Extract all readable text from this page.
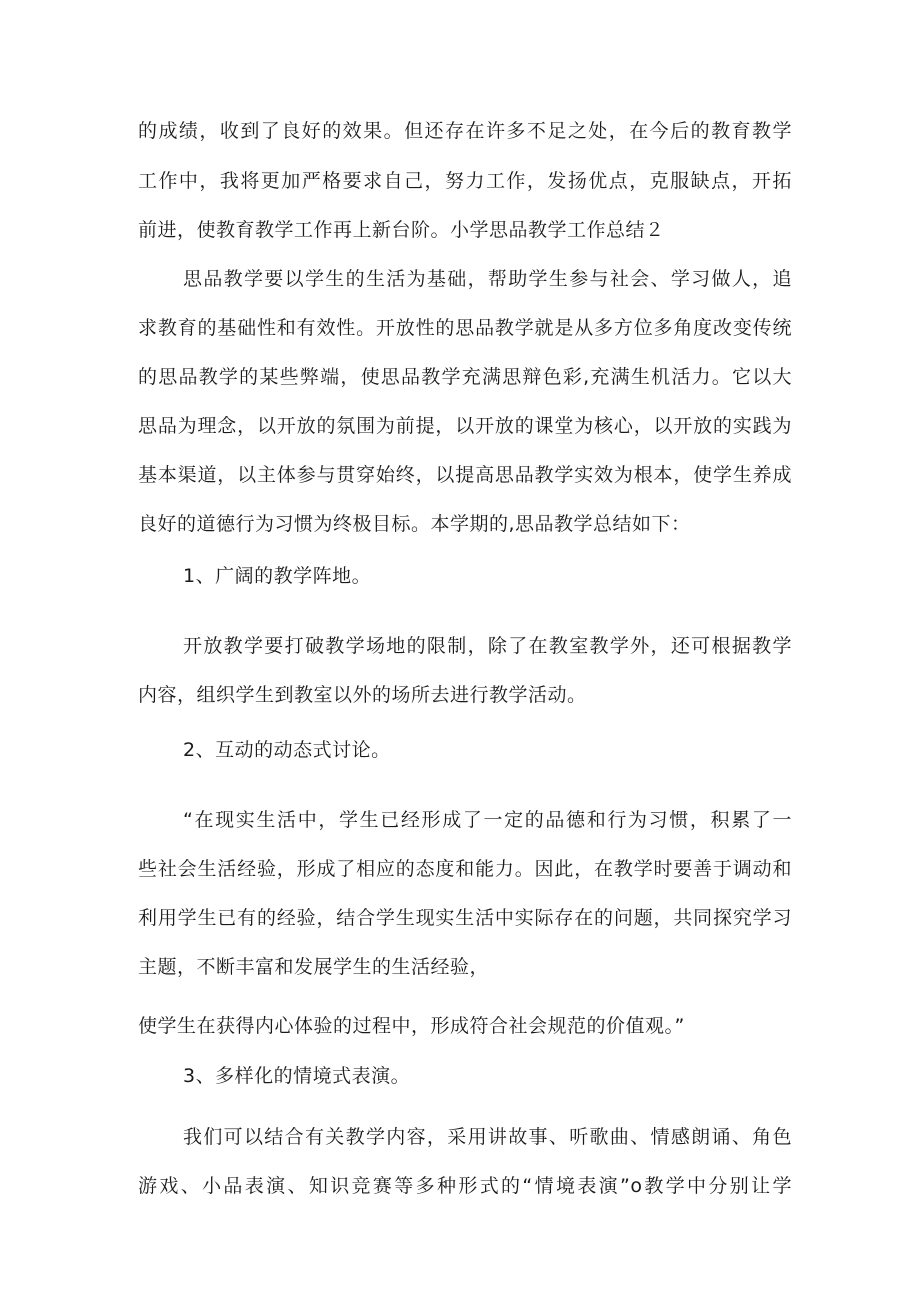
的成绩，收到了良好的效果。但还存在许多不足之处，在今后的教育教学
工作中，我将更加严格要求自己，努力工作，发扬优点，克服缺点，开拓
前进，使教育教学工作再上新台阶。小学思品教学工作总结２
思品教学要以学生的生活为基础，帮助学生参与社会、学习做人，追
求教育的基础性和有效性。开放性的思品教学就是从多方位多角度改变传统
的思品教学的某些弊端，使思品教学充满思辩色彩,充满生机活力。它以大
思品为理念，以开放的氛围为前提，以开放的课堂为核心，以开放的实践为
基本渠道，以主体参与贯穿始终，以提高思品教学实效为根本，使学生养成
良好的道德行为习惯为终极目标。本学期的,思品教学总结如下：
1、广阔的教学阵地。
开放教学要打破教学场地的限制，除了在教室教学外，还可根据教学
内容，组织学生到教室以外的场所去进行教学活动。
2、互动的动态式讨论。
“在现实生活中，学生已经形成了一定的品德和行为习惯，积累了一
些社会生活经验，形成了相应的态度和能力。因此，在教学时要善于调动和
利用学生已有的经验，结合学生现实生活中实际存在的问题，共同探究学习
主题，不断丰富和发展学生的生活经验，
使学生在获得内心体验的过程中，形成符合社会规范的价值观。”
3、多样化的情境式表演。
我们可以结合有关教学内容，采用讲故事、听歌曲、情感朗诵、角色
游戏、小品表演、知识竞赛等多种形式的“情境表演”o教学中分别让学
